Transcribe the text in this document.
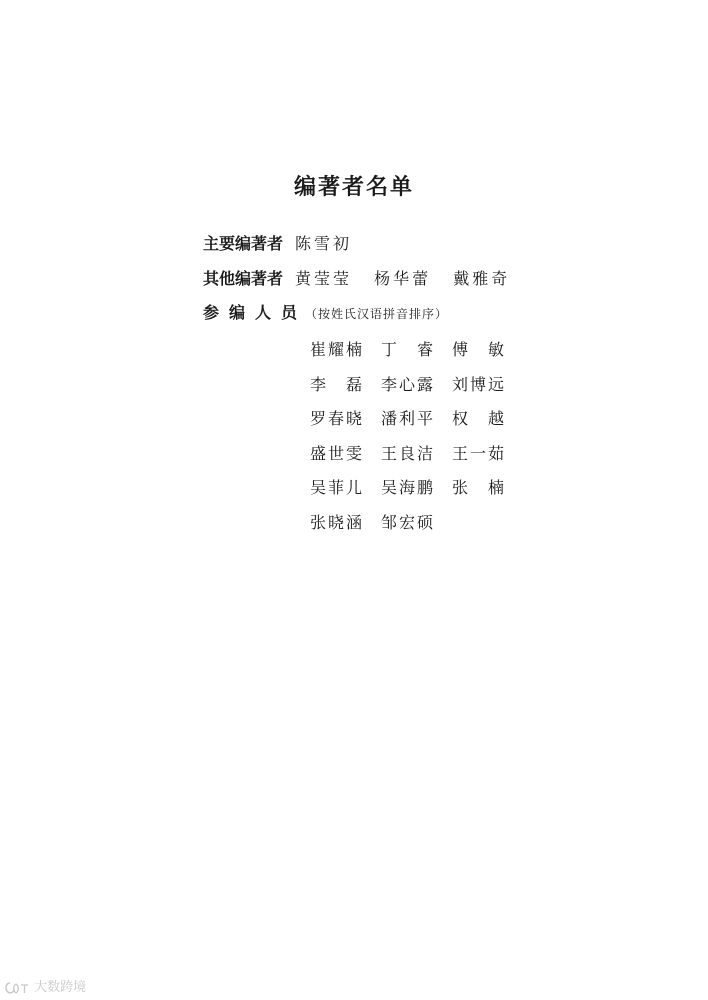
编著者名单
主要编著者 陈雪初
其他编著者 黄莹莹 杨华蕾 戴雅奇
参编人员 （按姓氏汉语拼音排序）
崔耀楠 丁　睿 傅　敏
李　磊 李心露 刘博远
罗春晓 潘利平 权　越
盛世雯 王良洁 王一茹
吴菲儿 吴海鹏 张　楠
张晓涵 邹宏硕
大数跨境
